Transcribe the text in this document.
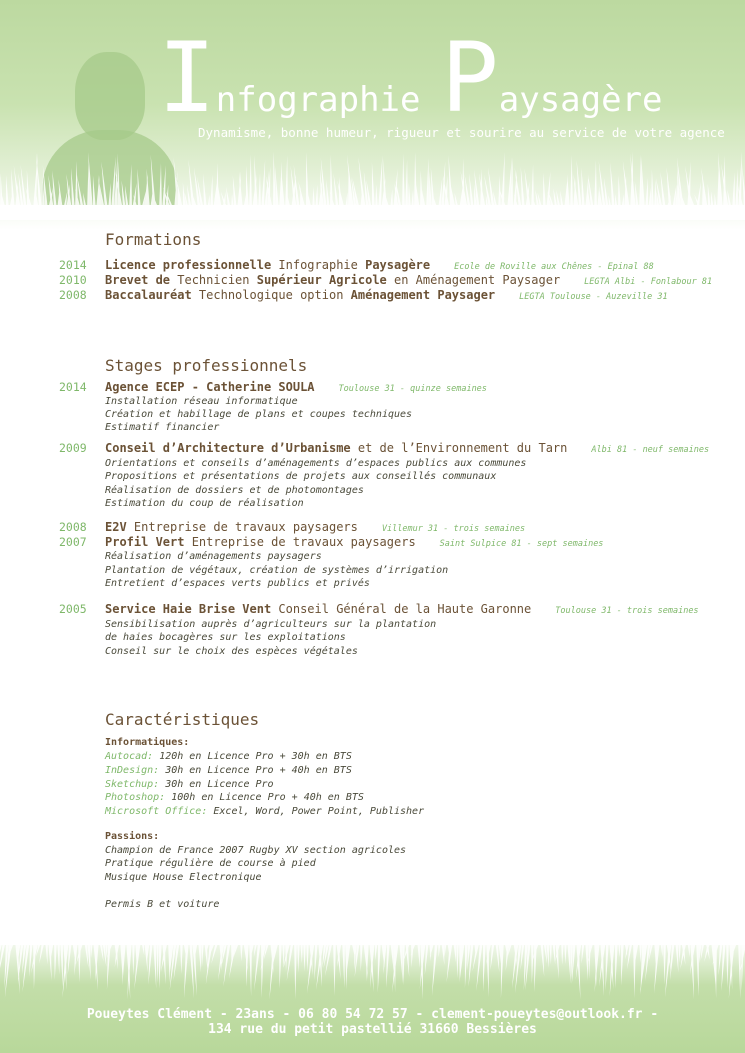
Infographie Paysagère
Dynamisme, bonne humeur, rigueur et sourire au service de votre agence
Formations
2014 Licence professionnelle Infographie Paysagère	Ecole de Roville aux Chênes - Epinal 88
2010 Brevet de Technicien Supérieur Agricole en Aménagement Paysager	LEGTA Albi - Fonlabour 81
2008 Baccalauréat Technologique option Aménagement Paysager	LEGTA Toulouse - Auzeville 31
Stages professionnels
2014 Agence ECEP - Catherine SOULA	Toulouse 31 - quinze semaines
Installation réseau informatique
Création et habillage de plans et coupes techniques
Estimatif financier
2009 Conseil d’Architecture d’Urbanisme et de l’Environnement du Tarn	Albi 81 - neuf semaines
Orientations et conseils d’aménagements d’espaces publics aux communes
Propositions et présentations de projets aux conseillés communaux
Réalisation de dossiers et de photomontages
Estimation du coup de réalisation
2008 E2V Entreprise de travaux paysagers	Villemur 31 - trois semaines
2007 Profil Vert Entreprise de travaux paysagers	Saint Sulpice 81 - sept semaines
Réalisation d’aménagements paysagers
Plantation de végétaux, création de systèmes d’irrigation
Entretient d’espaces verts publics et privés
2005 Service Haie Brise Vent Conseil Général de la Haute Garonne	Toulouse 31 - trois semaines
Sensibilisation auprès d’agriculteurs sur la plantation
de haies bocagères sur les exploitations
Conseil sur le choix des espèces végétales
Caractéristiques
Informatiques:
Autocad: 120h en Licence Pro + 30h en BTS
InDesign: 30h en Licence Pro + 40h en BTS
Sketchup: 30h en Licence Pro
Photoshop: 100h en Licence Pro + 40h en BTS
Microsoft Office: Excel, Word, Power Point, Publisher
Passions:
Champion de France 2007 Rugby XV section agricoles
Pratique régulière de course à pied
Musique House Electronique
Permis B et voiture
Poueytes Clément - 23ans - 06 80 54 72 57 - clement-poueytes@outlook.fr -
134 rue du petit pastellié 31660 Bessières
